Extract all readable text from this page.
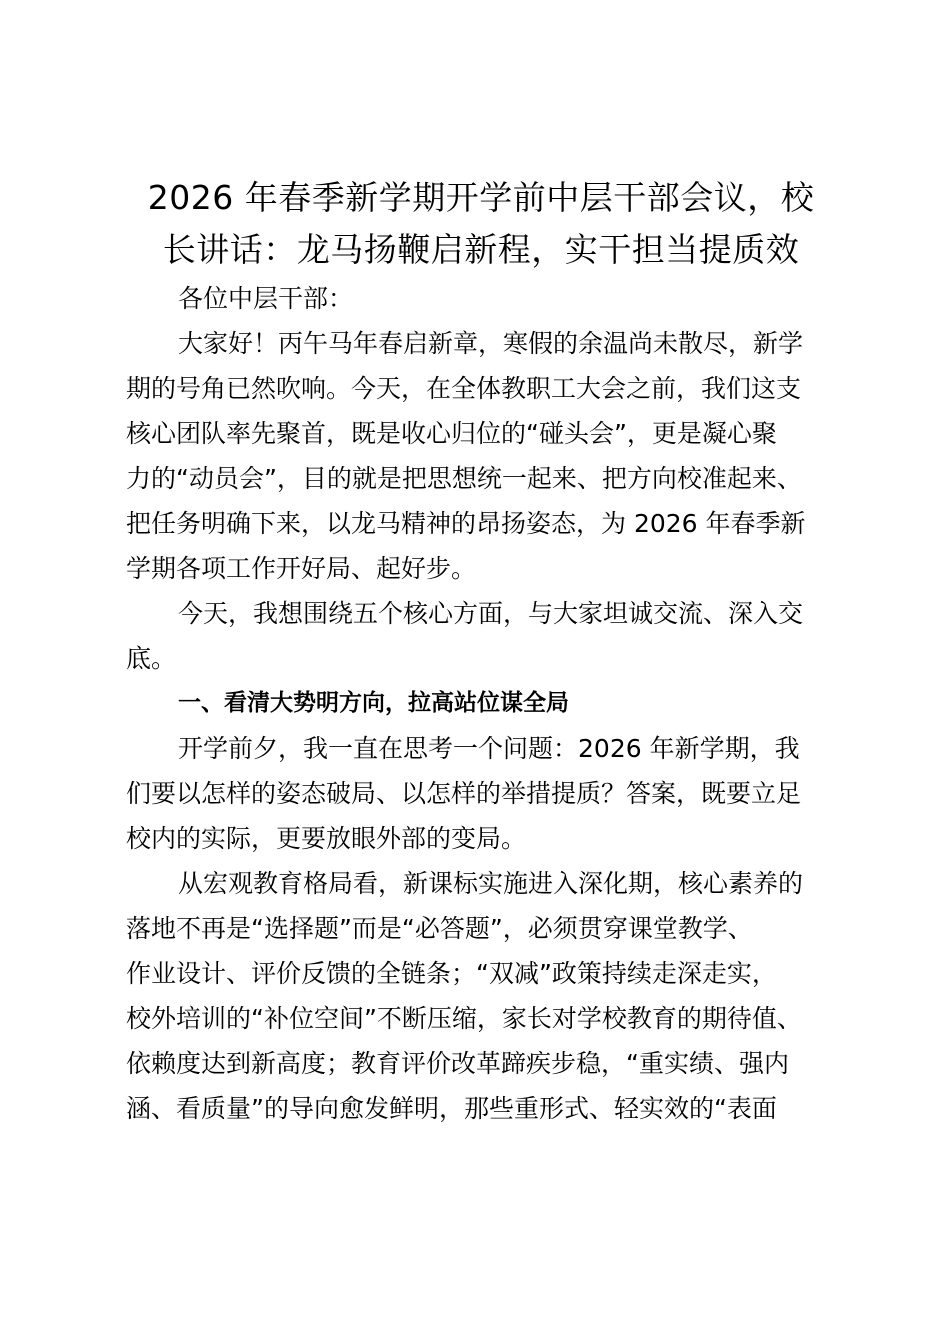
2026 年春季新学期开学前中层干部会议，校
长讲话：龙马扬鞭启新程，实干担当提质效

各位中层干部：

大家好！丙午马年春启新章，寒假的余温尚未散尽，新学
期的号角已然吹响。今天，在全体教职工大会之前，我们这支
核心团队率先聚首，既是收心归位的“碰头会”，更是凝心聚
力的“动员会”，目的就是把思想统一起来、把方向校准起来、
把任务明确下来，以龙马精神的昂扬姿态，为 2026 年春季新
学期各项工作开好局、起好步。

今天，我想围绕五个核心方面，与大家坦诚交流、深入交
底。

一、看清大势明方向，拉高站位谋全局

开学前夕，我一直在思考一个问题：2026 年新学期，我
们要以怎样的姿态破局、以怎样的举措提质？答案，既要立足
校内的实际，更要放眼外部的变局。

从宏观教育格局看，新课标实施进入深化期，核心素养的
落地不再是“选择题”而是“必答题”，必须贯穿课堂教学、
作业设计、评价反馈的全链条；“双减”政策持续走深走实，
校外培训的“补位空间”不断压缩，家长对学校教育的期待值、
依赖度达到新高度；教育评价改革蹄疾步稳，“重实绩、强内
涵、看质量”的导向愈发鲜明，那些重形式、轻实效的“表面
